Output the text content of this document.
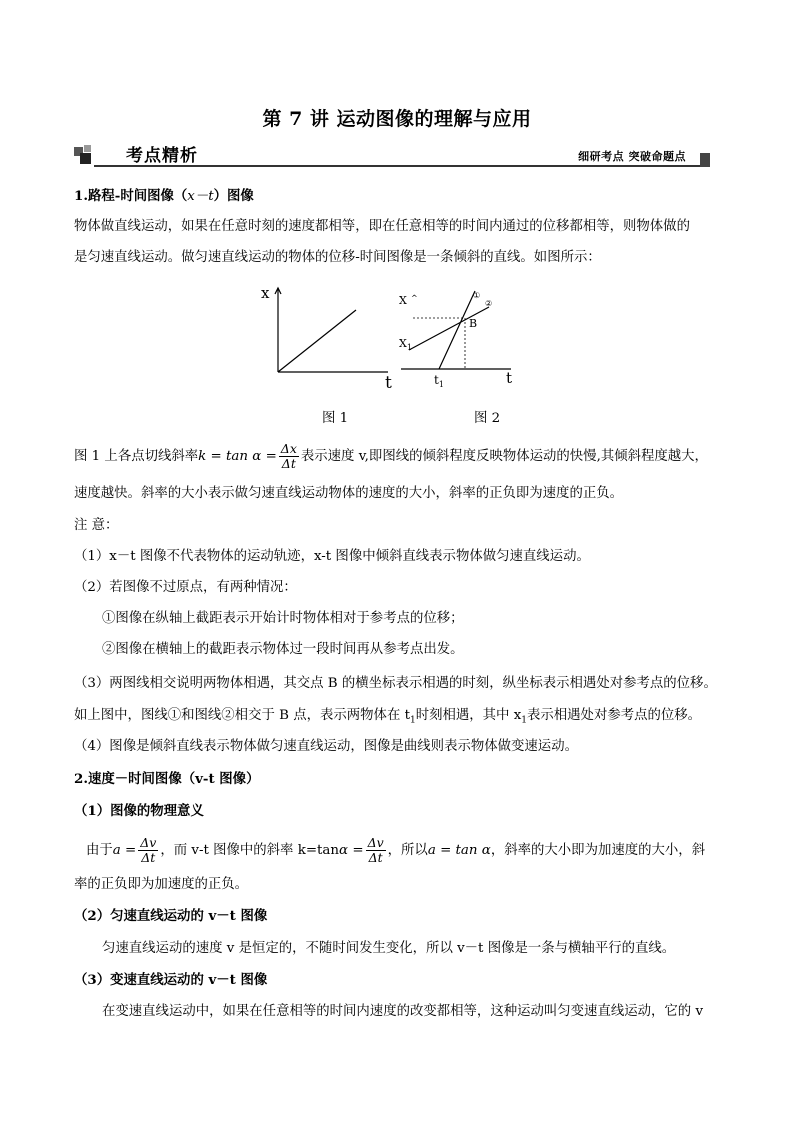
第 7 讲 运动图像的理解与应用
考点精析	细研考点 突破命题点
1.路程-时间图像（x－t）图像
物体做直线运动，如果在任意时刻的速度都相等，即在任意相等的时间内通过的位移都相等，则物体做的
是匀速直线运动。做匀速直线运动的物体的位移-时间图像是一条倾斜的直线。如图所示：
x
t
图 1
X ^
$X_1$
t
$t_1$
B
①
②
图 2
图 1 上各点切线斜率$k = \tan \alpha = \frac{\Delta x}{\Delta t}$ 表示速度 v,即图线的倾斜程度反映物体运动的快慢,其倾斜程度越大，
速度越快。斜率的大小表示做匀速直线运动物体的速度的大小，斜率的正负即为速度的正负。
注 意：
（1）x－t 图像不代表物体的运动轨迹，x-t 图像中倾斜直线表示物体做匀速直线运动。
（2）若图像不过原点，有两种情况：
①图像在纵轴上截距表示开始计时物体相对于参考点的位移；
②图像在横轴上的截距表示物体过一段时间再从参考点出发。
（3）两图线相交说明两物体相遇，其交点 B 的横坐标表示相遇的时刻，纵坐标表示相遇处对参考点的位移。
如上图中，图线①和图线②相交于 B 点，表示两物体在 $t_1$时刻相遇，其中 $x_1$表示相遇处对参考点的位移。
（4）图像是倾斜直线表示物体做匀速直线运动，图像是曲线则表示物体做变速运动。
2.速度－时间图像（v-t 图像）
（1）图像的物理意义
由于$a = \frac{\Delta v}{\Delta t}$ ，而 v-t 图像中的斜率 $k=\tan\alpha = \frac{\Delta v}{\Delta t}$ ，所以a = tan α，斜率的大小即为加速度的大小，斜
率的正负即为加速度的正负。
（2）匀速直线运动的 v－t 图像
匀速直线运动的速度 v 是恒定的，不随时间发生变化，所以 v－t 图像是一条与横轴平行的直线。
（3）变速直线运动的 v－t 图像
在变速直线运动中，如果在任意相等的时间内速度的改变都相等，这种运动叫匀变速直线运动，它的 v
